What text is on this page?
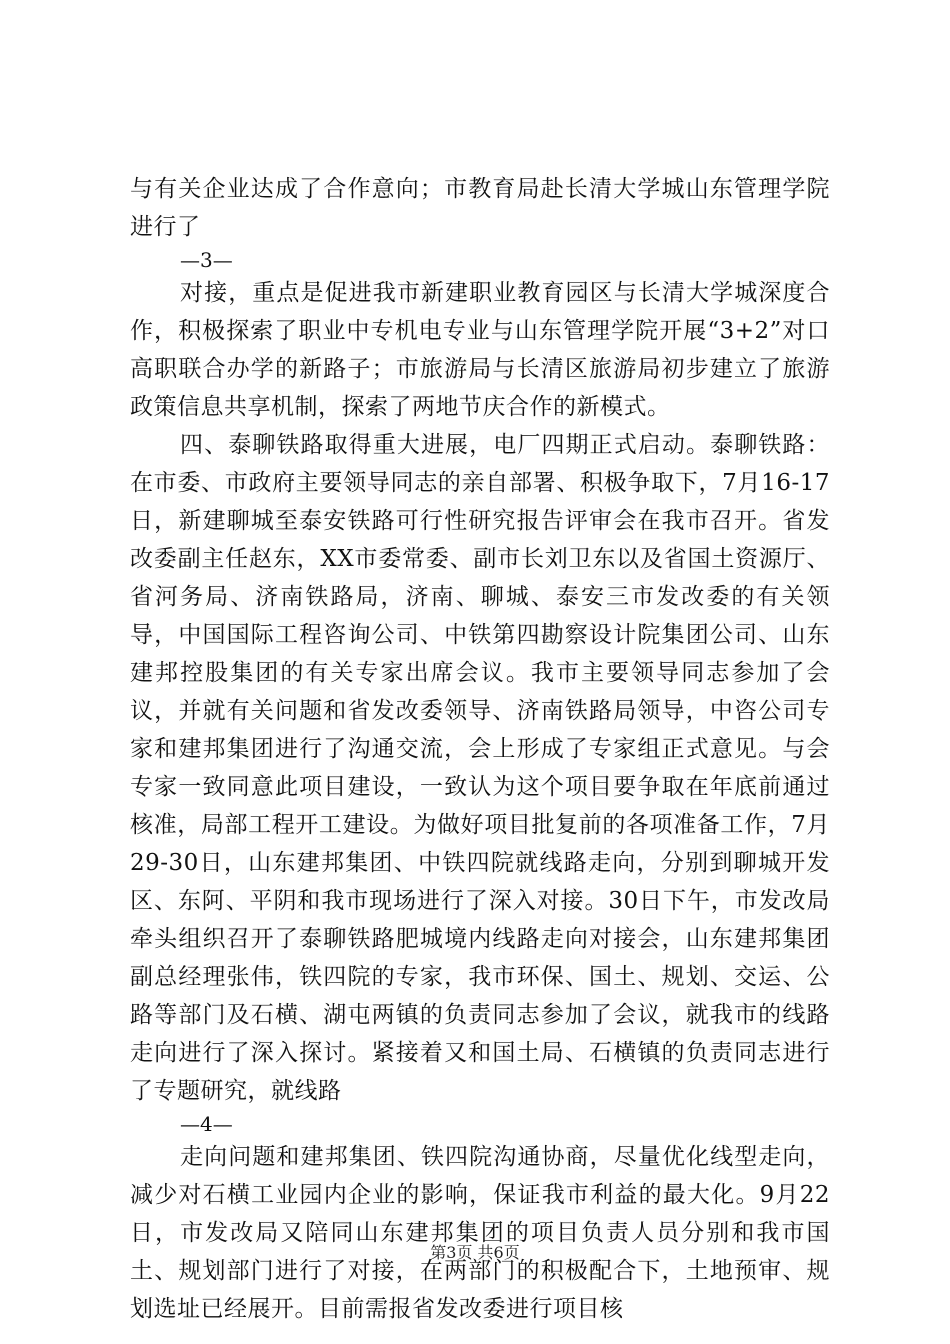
与有关企业达成了合作意向；市教育局赴长清大学城山东管理学院进行了

—3—

对接，重点是促进我市新建职业教育园区与长清大学城深度合作，积极探索了职业中专机电专业与山东管理学院开展“3+2”对口高职联合办学的新路子；市旅游局与长清区旅游局初步建立了旅游政策信息共享机制，探索了两地节庆合作的新模式。

四、泰聊铁路取得重大进展，电厂四期正式启动。泰聊铁路：在市委、市政府主要领导同志的亲自部署、积极争取下，7月16-17日，新建聊城至泰安铁路可行性研究报告评审会在我市召开。省发改委副主任赵东，XX市委常委、副市长刘卫东以及省国土资源厅、省河务局、济南铁路局，济南、聊城、泰安三市发改委的有关领导，中国国际工程咨询公司、中铁第四勘察设计院集团公司、山东建邦控股集团的有关专家出席会议。我市主要领导同志参加了会议，并就有关问题和省发改委领导、济南铁路局领导，中咨公司专家和建邦集团进行了沟通交流，会上形成了专家组正式意见。与会专家一致同意此项目建设，一致认为这个项目要争取在年底前通过核准，局部工程开工建设。为做好项目批复前的各项准备工作，7月29-30日，山东建邦集团、中铁四院就线路走向，分别到聊城开发区、东阿、平阴和我市现场进行了深入对接。30日下午，市发改局牵头组织召开了泰聊铁路肥城境内线路走向对接会，山东建邦集团副总经理张伟，铁四院的专家，我市环保、国土、规划、交运、公路等部门及石横、湖屯两镇的负责同志参加了会议，就我市的线路走向进行了深入探讨。紧接着又和国土局、石横镇的负责同志进行了专题研究，就线路

—4—

走向问题和建邦集团、铁四院沟通协商，尽量优化线型走向，减少对石横工业园内企业的影响，保证我市利益的最大化。9月22日，市发改局又陪同山东建邦集团的项目负责人员分别和我市国土、规划部门进行了对接，在两部门的积极配合下，土地预审、规划选址已经展开。目前需报省发改委进行项目核

第3页 共6页
